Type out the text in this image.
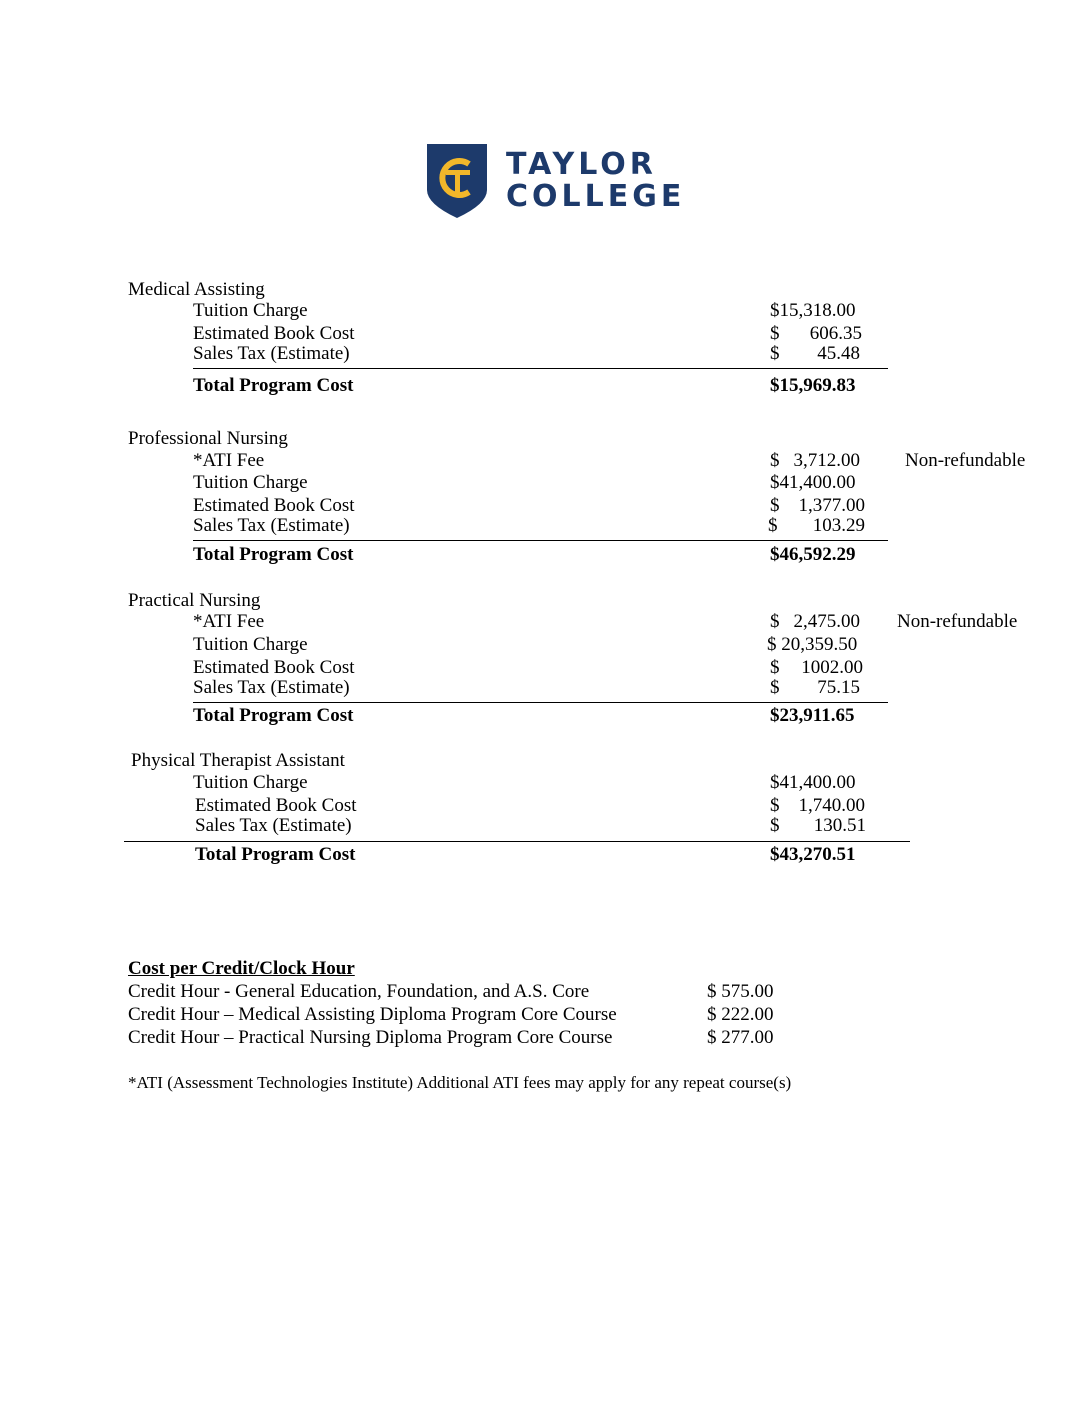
TAYLOR
COLLEGE
Medical Assisting
Tuition Charge	$15,318.00
Estimated Book Cost	$	606.35
Sales Tax (Estimate)	$	45.48
Total Program Cost	$15,969.83
Professional Nursing
*ATI Fee	$ 3,712.00 Non-refundable
Tuition Charge	$41,400.00
Estimated Book Cost	$	1,377.00
Sales Tax (Estimate)	$	103.29
Total Program Cost	$46,592.29
Practical Nursing
*ATI Fee	$ 2,475.00 Non-refundable
Tuition Charge	$ 20,359.50
Estimated Book Cost	$	1002.00
Sales Tax (Estimate)	$	75.15
Total Program Cost	$23,911.65
Physical Therapist Assistant
Tuition Charge	$41,400.00
Estimated Book Cost	$	1,740.00
Sales Tax (Estimate)	$	130.51
Total Program Cost	$43,270.51
Cost per Credit/Clock Hour
Credit Hour - General Education, Foundation, and A.S. Core	$ 575.00
Credit Hour – Medical Assisting Diploma Program Core Course	$ 222.00
Credit Hour – Practical Nursing Diploma Program Core Course	$ 277.00
*ATI (Assessment Technologies Institute) Additional ATI fees may apply for any repeat course(s)
